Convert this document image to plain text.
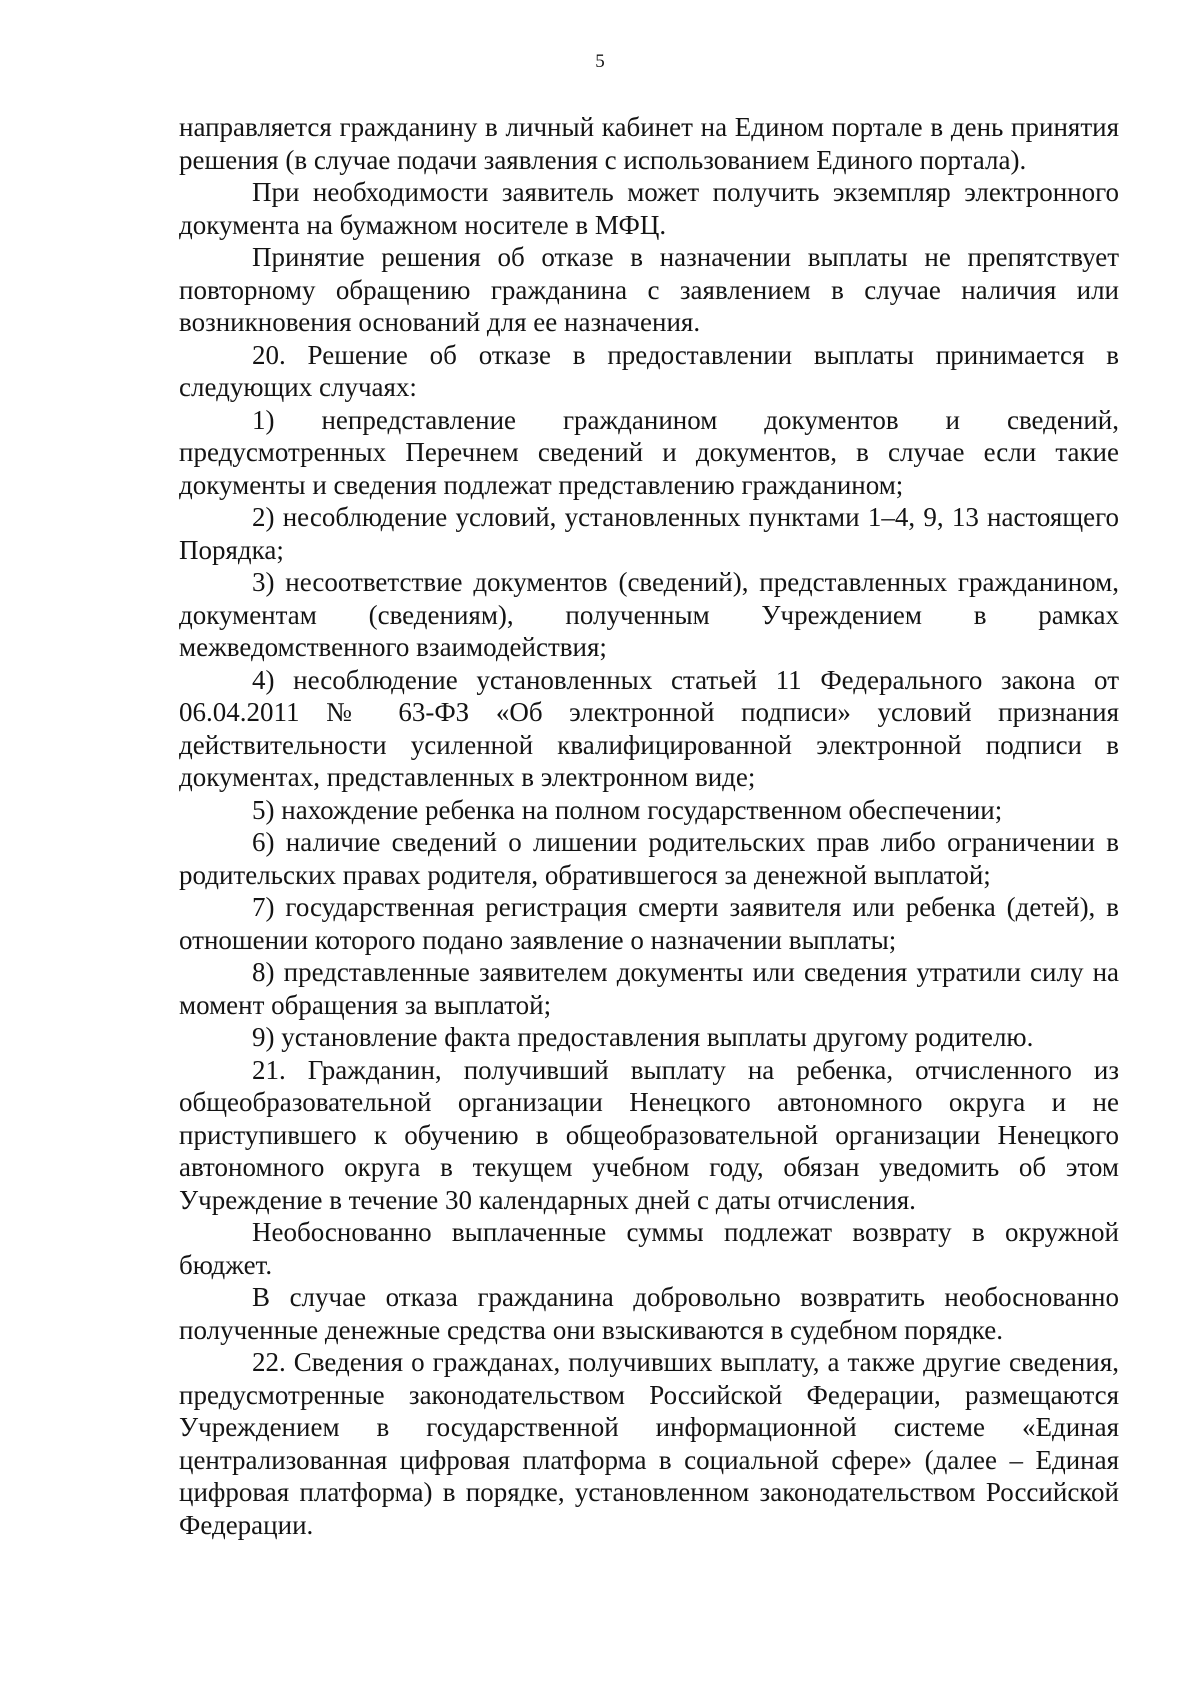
5

направляется гражданину в личный кабинет на Едином портале в день принятия решения (в случае подачи заявления с использованием Единого портала).

При необходимости заявитель может получить экземпляр электронного документа на бумажном носителе в МФЦ.

Принятие решения об отказе в назначении выплаты не препятствует повторному обращению гражданина с заявлением в случае наличия или возникновения оснований для ее назначения.

20. Решение об отказе в предоставлении выплаты принимается в следующих случаях:

1) непредставление гражданином документов и сведений, предусмотренных Перечнем сведений и документов, в случае если такие документы и сведения подлежат представлению гражданином;

2) несоблюдение условий, установленных пунктами 1–4, 9, 13 настоящего Порядка;

3) несоответствие документов (сведений), представленных гражданином, документам (сведениям), полученным Учреждением в рамках межведомственного взаимодействия;

4) несоблюдение установленных статьей 11 Федерального закона от 06.04.2011 № 63-ФЗ «Об электронной подписи» условий признания действительности усиленной квалифицированной электронной подписи в документах, представленных в электронном виде;

5) нахождение ребенка на полном государственном обеспечении;

6) наличие сведений о лишении родительских прав либо ограничении в родительских правах родителя, обратившегося за денежной выплатой;

7) государственная регистрация смерти заявителя или ребенка (детей), в отношении которого подано заявление о назначении выплаты;

8) представленные заявителем документы или сведения утратили силу на момент обращения за выплатой;

9) установление факта предоставления выплаты другому родителю.

21. Гражданин, получивший выплату на ребенка, отчисленного из общеобразовательной организации Ненецкого автономного округа и не приступившего к обучению в общеобразовательной организации Ненецкого автономного округа в текущем учебном году, обязан уведомить об этом Учреждение в течение 30 календарных дней с даты отчисления.

Необоснованно выплаченные суммы подлежат возврату в окружной бюджет.

В случае отказа гражданина добровольно возвратить необоснованно полученные денежные средства они взыскиваются в судебном порядке.

22. Сведения о гражданах, получивших выплату, а также другие сведения, предусмотренные законодательством Российской Федерации, размещаются Учреждением в государственной информационной системе «Единая централизованная цифровая платформа в социальной сфере» (далее – Единая цифровая платформа) в порядке, установленном законодательством Российской Федерации.
